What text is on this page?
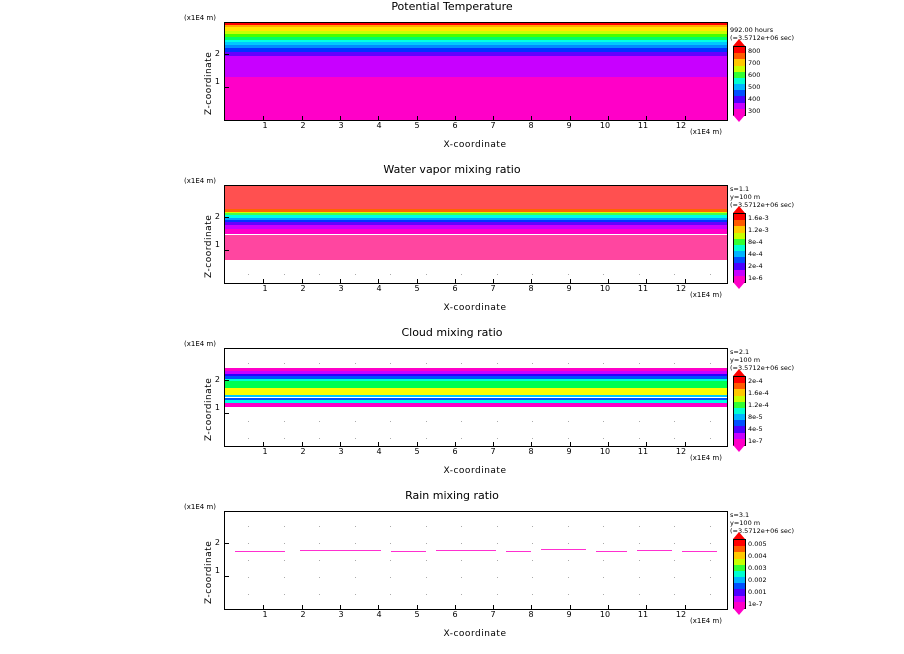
Potential Temperature
(x1E4 m)
Z-coordinate 1
2
1	2	3	4	5	6	7	8	9	10	11	12
X-coordinate
(x1E4 m)
992.00 hours
(=3.5712e+06 sec)
800
700
600
500
400
300
Water vapor mixing ratio
(x1E4 m)
Z-coordinate 1
2
1	2	3	4	5	6	7	8	9	10	11	12
X-coordinate
(x1E4 m)
s=1.1
y=100 m
(=3.5712e+06 sec)
1.6e-3
1.2e-3
8e-4
4e-4
2e-4
1e-6
Cloud mixing ratio
(x1E4 m)
Z-coordinate 1
2
1	2	3	4	5	6	7	8	9	10	11	12
X-coordinate
(x1E4 m)
s=2.1
y=100 m
(=3.5712e+06 sec)
2e-4
1.6e-4
1.2e-4
8e-5
4e-5
1e-7
Rain mixing ratio
(x1E4 m)
Z-coordinate 1
2
1	2	3	4	5	6	7	8	9	10	11	12
X-coordinate
(x1E4 m)
s=3.1
y=100 m
(=3.5712e+06 sec)
0.005
0.004
0.003
0.002
0.001
1e-7
